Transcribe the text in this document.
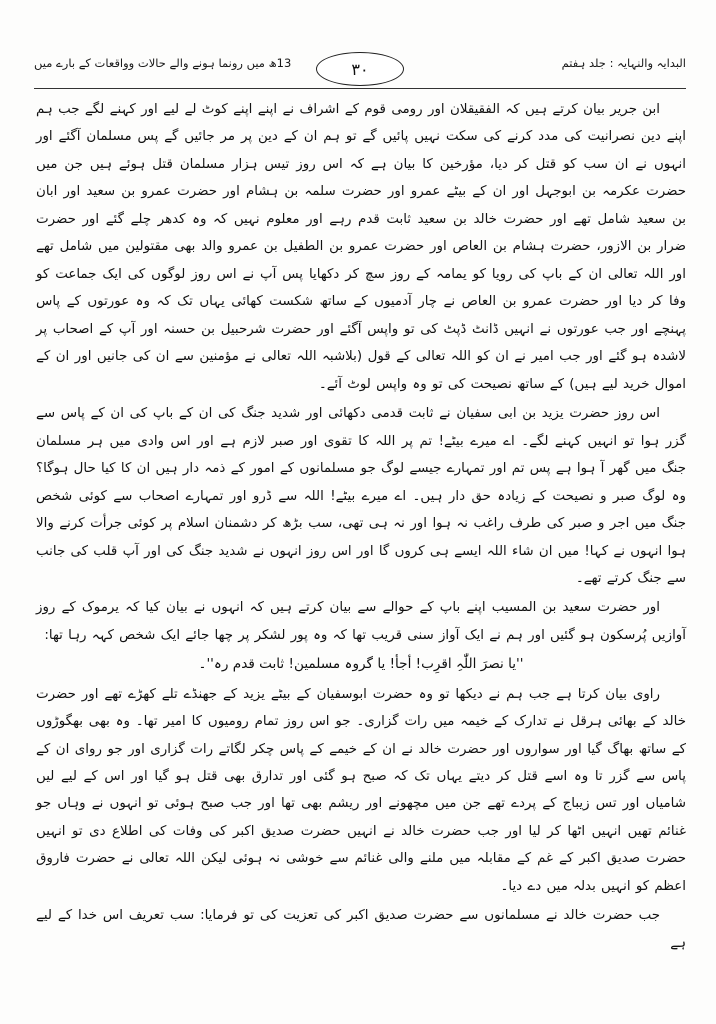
البدایہ والنہایہ : جلد ہفتم
13ھ میں رونما ہونے والے حالات وواقعات کے بارے میں	٣٠

ابن جریر بیان کرتے ہیں کہ الفقیقلان اور رومی قوم کے اشراف نے اپنے اپنے کوٹ لے لیے اور کہنے لگے جب ہم اپنے دین نصرانیت کی مدد کرنے کی سکت نہیں پائیں گے تو ہم ان کے دین پر مر جائیں گے پس مسلمان آگئے اور انہوں نے ان سب کو قتل کر دیا، مؤرخین کا بیان ہے کہ اس روز تیس ہزار مسلمان قتل ہوئے ہیں جن میں حضرت عکرمہ بن ابوجہل اور ان کے بیٹے عمرو اور حضرت سلمہ بن ہشام اور حضرت عمرو بن سعید اور ابان بن سعید شامل تھے اور حضرت خالد بن سعید ثابت قدم رہے اور معلوم نہیں کہ وہ کدھر چلے گئے اور حضرت ضرار بن الازور، حضرت ہشام بن العاص اور حضرت عمرو بن الطفیل بن عمرو والد بھی مقتولین میں شامل تھے اور اللہ تعالی ان کے باپ کی رویا کو یمامہ کے روز سچ کر دکھایا پس آپ نے اس روز لوگوں کی ایک جماعت کو وفا کر دیا اور حضرت عمرو بن العاص نے چار آدمیوں کے ساتھ شکست کھائی یہاں تک کہ وہ عورتوں کے پاس پہنچے اور جب عورتوں نے انہیں ڈانٹ ڈپٹ کی تو واپس آگئے اور حضرت شرحبیل بن حسنہ اور آپ کے اصحاب پر لاشدہ ہو گئے اور جب امیر نے ان کو اللہ تعالی کے قول (بلاشبہ اللہ تعالی نے مؤمنین سے ان کی جانیں اور ان کے اموال خرید لیے ہیں) کے ساتھ نصیحت کی تو وہ واپس لوٹ آئے۔

اس روز حضرت یزید بن ابی سفیان نے ثابت قدمی دکھائی اور شدید جنگ کی ان کے باپ کی ان کے پاس سے گزر ہوا تو انہیں کہنے لگے۔ اے میرے بیٹے! تم پر اللہ کا تقوی اور صبر لازم ہے اور اس وادی میں ہر مسلمان جنگ میں گھر آ ہوا ہے پس تم اور تمہارے جیسے لوگ جو مسلمانوں کے امور کے ذمہ دار ہیں ان کا کیا حال ہوگا؟ وہ لوگ صبر و نصیحت کے زیادہ حق دار ہیں۔ اے میرے بیٹے! اللہ سے ڈرو اور تمہارے اصحاب سے کوئی شخص جنگ میں اجر و صبر کی طرف راغب نہ ہوا اور نہ ہی تھی، سب بڑھ کر دشمنان اسلام پر کوئی جرأت کرنے والا ہوا انہوں نے کہا! میں ان شاء اللہ ایسے ہی کروں گا اور اس روز انہوں نے شدید جنگ کی اور آپ قلب کی جانب سے جنگ کرتے تھے۔

اور حضرت سعید بن المسیب اپنے باپ کے حوالے سے بیان کرتے ہیں کہ انہوں نے بیان کیا کہ یرموک کے روز آوازیں پُرسکون ہو گئیں اور ہم نے ایک آواز سنی قریب تھا کہ وہ پور لشکر پر چھا جائے ایک شخص کہہ رہا تھا:

''یا نصرَ اللّٰہِ اقرِب! أجأ! یا گروہ مسلمین! ثابت قدم رہ''۔

راوی بیان کرتا ہے جب ہم نے دیکھا تو وہ حضرت ابوسفیان کے بیٹے یزید کے جھنڈے تلے کھڑے تھے اور حضرت خالد کے بھائی ہرقل نے تدارک کے خیمہ میں رات گزاری۔ جو اس روز تمام رومیوں کا امیر تھا۔ وہ بھی بھگوڑوں کے ساتھ بھاگ گیا اور سواروں اور حضرت خالد نے ان کے خیمے کے پاس چکر لگاتے رات گزاری اور جو روای ان کے پاس سے گزر تا وہ اسے قتل کر دیتے یہاں تک کہ صبح ہو گئی اور تدارق بھی قتل ہو گیا اور اس کے لیے لیں شامیاں اور تس زیباج کے پردے تھے جن میں مچھونے اور ریشم بھی تھا اور جب صبح ہوئی تو انہوں نے وہاں جو غنائم تھیں انہیں اٹھا کر لیا اور جب حضرت خالد نے انہیں حضرت صدیق اکبر کی وفات کی اطلاع دی تو انہیں حضرت صدیق اکبر کے غم کے مقابلہ میں ملنے والی غنائم سے خوشی نہ ہوئی لیکن اللہ تعالی نے حضرت فاروق اعظم کو انہیں بدلہ میں دے دیا۔

جب حضرت خالد نے مسلمانوں سے حضرت صدیق اکبر کی تعزیت کی تو فرمایا: سب تعریف اس خدا کے لیے ہے
